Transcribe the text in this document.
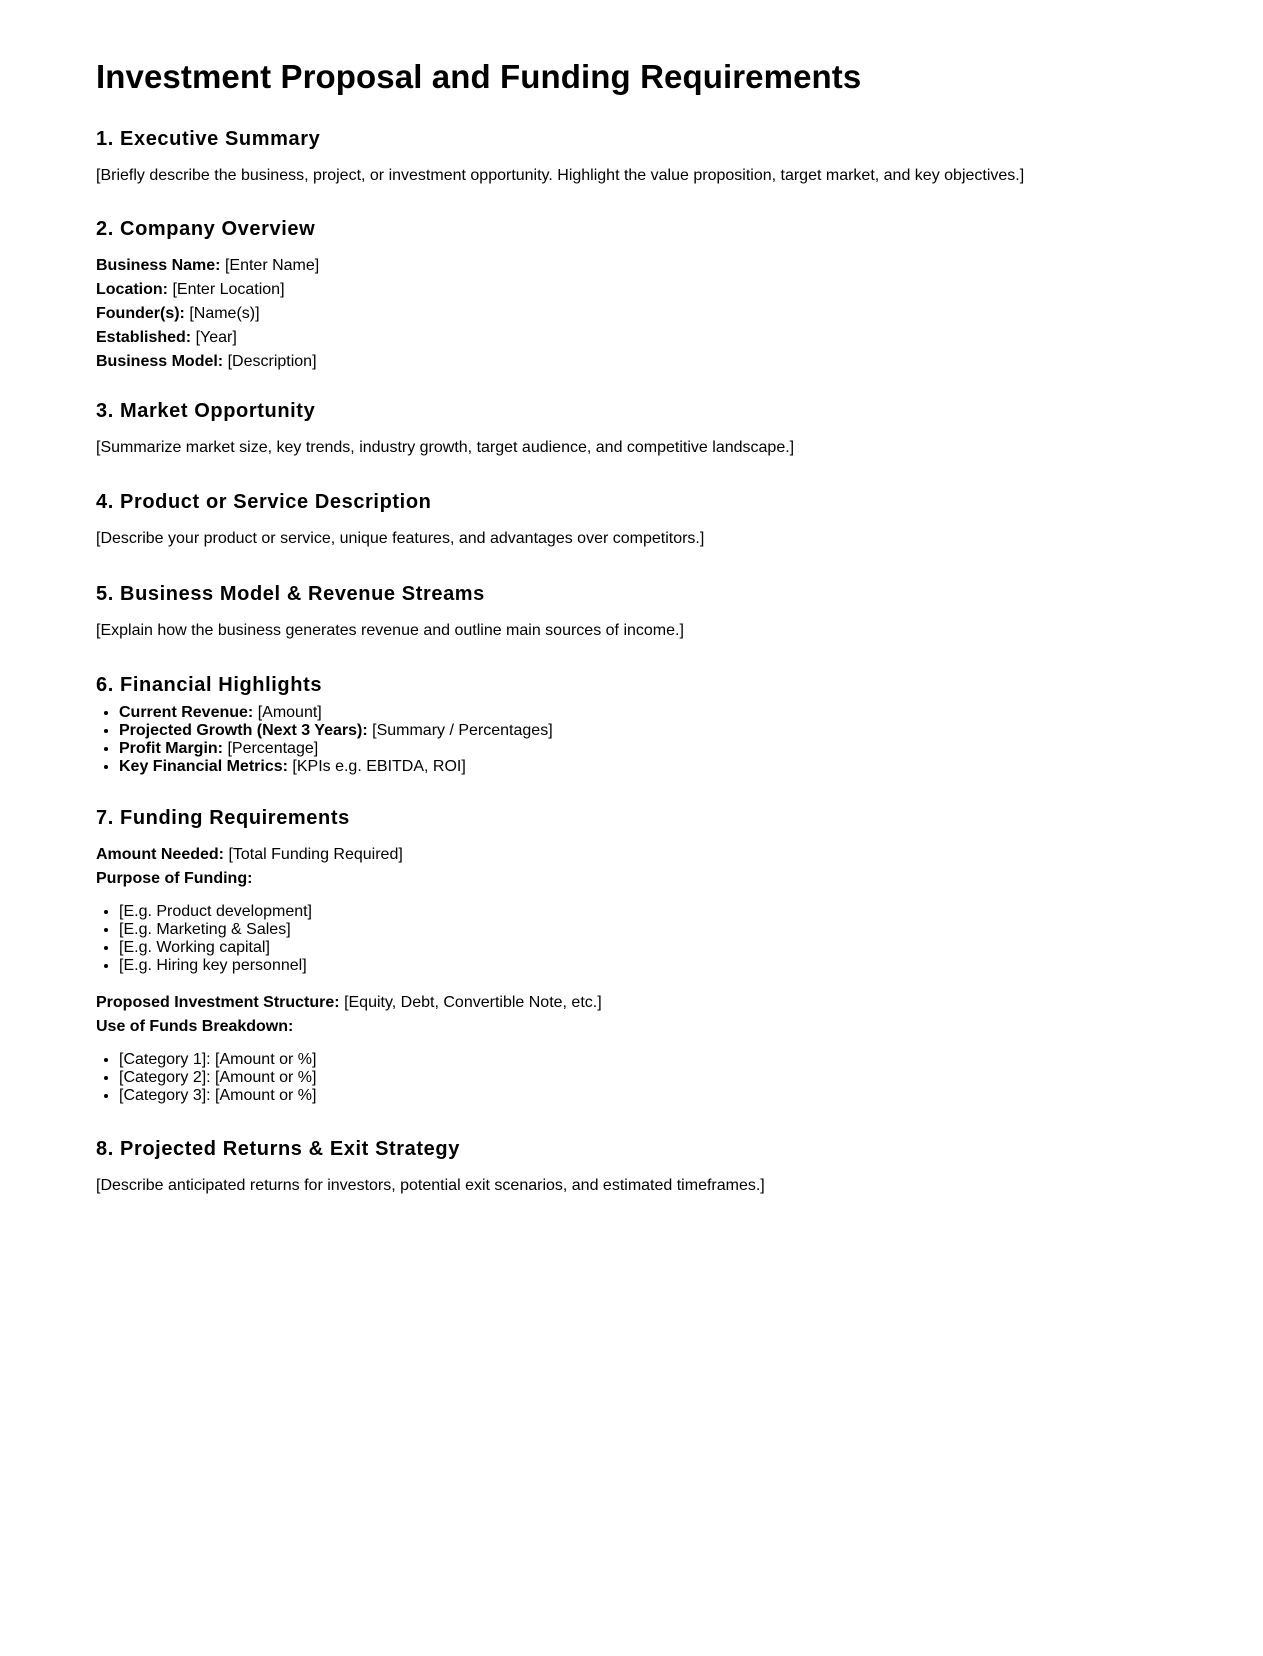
Investment Proposal and Funding Requirements
1. Executive Summary

[Briefly describe the business, project, or investment opportunity. Highlight the value proposition, target market, and key objectives.]

2. Company Overview
Business Name: [Enter Name]
Location: [Enter Location]
Founder(s): [Name(s)]
Established: [Year]
Business Model: [Description]
3. Market Opportunity

[Summarize market size, key trends, industry growth, target audience, and competitive landscape.]

4. Product or Service Description

[Describe your product or service, unique features, and advantages over competitors.]

5. Business Model & Revenue Streams

[Explain how the business generates revenue and outline main sources of income.]

6. Financial Highlights
• Current Revenue: [Amount]
• Projected Growth (Next 3 Years): [Summary / Percentages]
• Profit Margin: [Percentage]
• Key Financial Metrics: [KPIs e.g. EBITDA, ROI]
7. Funding Requirements
Amount Needed: [Total Funding Required]
Purpose of Funding:
• [E.g. Product development]
• [E.g. Marketing & Sales]
• [E.g. Working capital]
• [E.g. Hiring key personnel]
Proposed Investment Structure: [Equity, Debt, Convertible Note, etc.]
Use of Funds Breakdown:
• [Category 1]: [Amount or %]
• [Category 2]: [Amount or %]
• [Category 3]: [Amount or %]
8. Projected Returns & Exit Strategy

[Describe anticipated returns for investors, potential exit scenarios, and estimated timeframes.]
